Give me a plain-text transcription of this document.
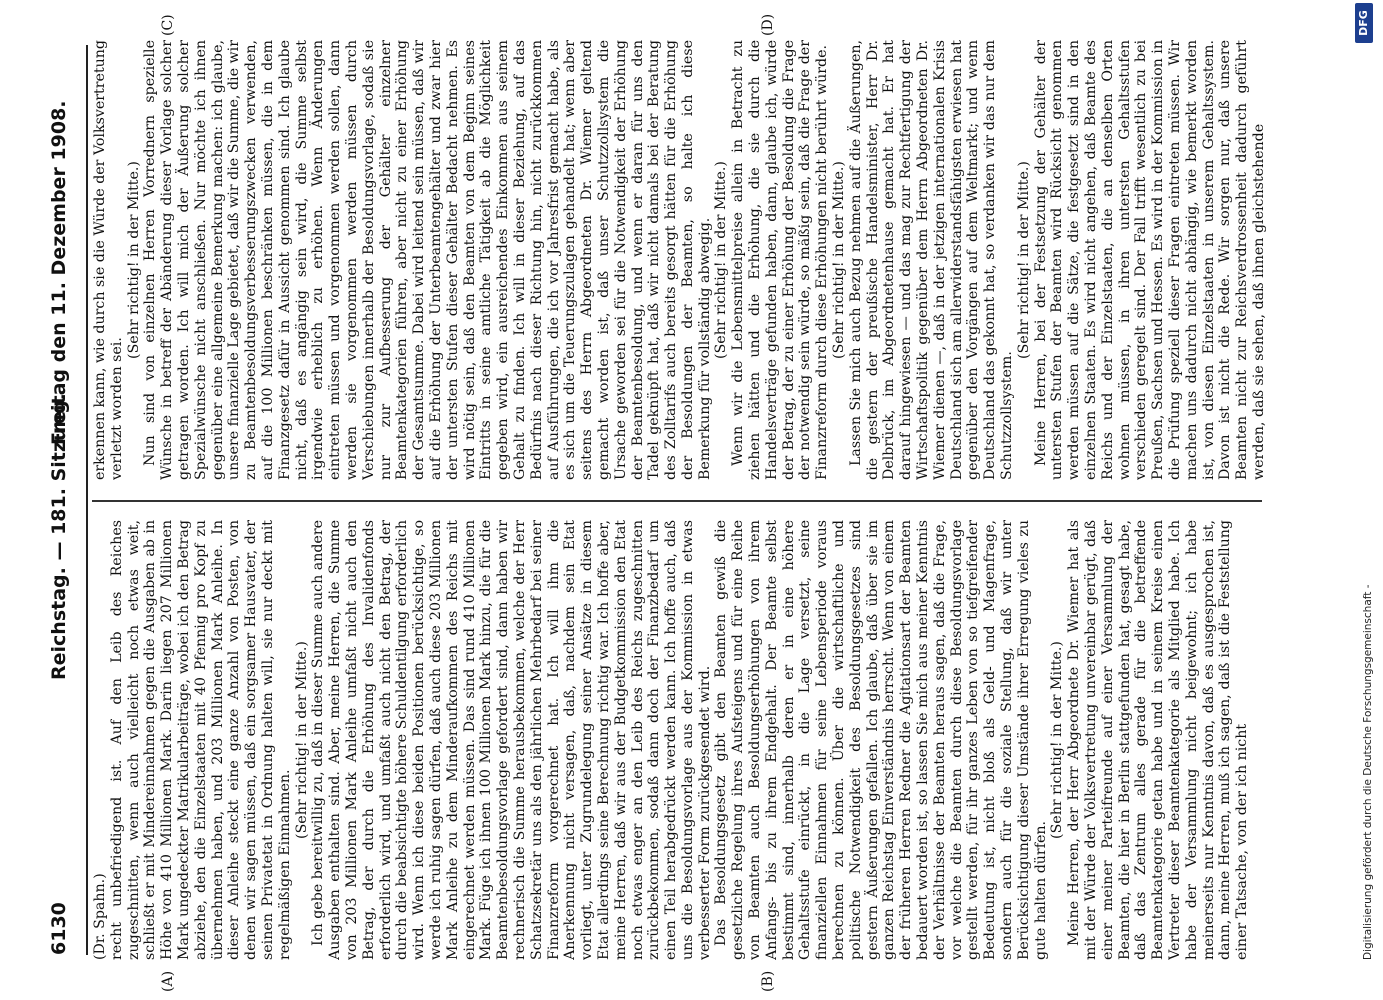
6130
Reichstag. — 181. Sitzung.
Freitag den 11. Dezember 1908.
(A)	(B)
(C)	(D)

(Dr. Spahn.) recht unbefriedigend ist. Auf den Leib des Reiches zugeschnitten, wenn auch vielleicht noch etwas weit, schließt er mit Mindereinnahmen gegen die Ausgaben ab in Höhe von 410 Millionen Mark. Darin liegen 207 Millionen Mark ungedeckter Matrikularbeiträge, wobei ich den Betrag abziehe, den die Einzelstaaten mit 40 Pfennig pro Kopf zu übernehmen haben, und 203 Millionen Mark Anleihe. In dieser Anleihe steckt eine ganze Anzahl von Posten, von denen wir sagen müssen, daß ein sorgsamer Hausvater, der seinen Privatetat in Ordnung halten will, sie nur deckt mit regelmäßigen Einnahmen.

(Sehr richtig! in der Mitte.) Ich gebe bereitwillig zu, daß in dieser Summe auch andere Ausgaben enthalten sind. Aber, meine Herren, die Summe von 203 Millionen Mark Anleihe umfaßt nicht auch den Betrag, der durch die Erhöhung des Invalidenfonds erforderlich wird, und umfaßt auch nicht den Betrag, der durch die beabsichtigte höhere Schuldentilgung erforderlich wird. Wenn ich diese beiden Positionen berücksichtige, so werde ich ruhig sagen dürfen, daß auch diese 203 Millionen Mark Anleihe zu dem Minderaufkommen des Reichs mit eingerechnet werden müssen. Das sind rund 410 Millionen Mark. Füge ich ihnen 100 Millionen Mark hinzu, die für die Beamtenbesoldungsvorlage gefordert sind, dann haben wir rechnerisch die Summe herausbekommen, welche der Herr Schatzsekretär uns als den jährlichen Mehrbedarf bei seiner Finanzreform vorgerechnet hat. Ich will ihm die Anerkennung nicht versagen, daß, nachdem sein Etat vorliegt, unter Zugrundelegung seiner Ansätze in diesem Etat allerdings seine Berechnung richtig war. Ich hoffe aber, meine Herren, daß wir aus der Budgetkommission den Etat noch etwas enger an den Leib des Reichs zugeschnitten zurückbekommen, sodaß dann doch der Finanzbedarf um einen Teil herabgedrückt werden kann. Ich hoffe auch, daß uns die Besoldungsvorlage aus der Kommission in etwas verbesserter Form zurückgesendet wird. Das Besoldungsgesetz gibt den Beamten gewiß die gesetzliche Regelung ihres Aufsteigens und für eine Reihe von Beamten auch Besoldungserhöhungen von ihrem Anfangs- bis zu ihrem Endgehalt. Der Beamte selbst bestimmt sind, innerhalb deren er in eine höhere Gehaltsstufe einrückt, in die Lage versetzt, seine finanziellen Einnahmen für seine Lebensperiode voraus berechnen zu können. Über die wirtschaftliche und politische Notwendigkeit des Besoldungsgesetzes sind gestern Äußerungen gefallen. Ich glaube, daß über sie im ganzen Reichstag Einverständnis herrscht. Wenn von einem der früheren Herren Redner die Agitationsart der Beamten bedauert worden ist, so lassen Sie mich aus meiner Kenntnis der Verhältnisse der Beamten heraus sagen, daß die Frage, vor welche die Beamten durch diese Besoldungsvorlage gestellt werden, für ihr ganzes Leben von so tiefgreifender Bedeutung ist, nicht bloß als Geld- und Magenfrage, sondern auch für die soziale Stellung, daß wir unter Berücksichtigung dieser Umstände ihrer Erregung vieles zu gute halten dürfen.

(Sehr richtig! in der Mitte.) Meine Herren, der Herr Abgeordnete Dr. Wiemer hat als mit der Würde der Volksvertretung unvereinbar gerügt, daß einer meiner Parteifreunde auf einer Versammlung der Beamten, die hier in Berlin stattgefunden hat, gesagt habe, daß das Zentrum alles gerade für die betreffende Beamtenkategorie getan habe und in seinem Kreise einen Vertreter dieser Beamtenkategorie als Mitglied habe. Ich habe der Versammlung nicht beigewohnt; ich habe meinerseits nur Kenntnis davon, daß es ausgesprochen ist, dann, meine Herren, muß ich sagen, daß ist die Feststellung einer Tatsache, von der ich nicht

erkennen kann, wie durch sie die Würde der Volksvertretung verletzt worden sei.

(Sehr richtig! in der Mitte.) Nun sind von einzelnen Herren Vorrednern spezielle Wünsche in betreff der Abänderung dieser Vorlage solcher getragen worden. Ich will mich der Äußerung solcher Spezialwünsche nicht anschließen. Nur möchte ich ihnen gegenüber eine allgemeine Bemerkung machen: ich glaube, unsere finanzielle Lage gebietet, daß wir die Summe, die wir zu Beamtenbesoldungsverbesserungszwecken verwenden, auf die 100 Millionen beschränken müssen, die in dem Finanzgesetz dafür in Aussicht genommen sind. Ich glaube nicht, daß es angängig sein wird, die Summe selbst irgendwie erheblich zu erhöhen. Wenn Änderungen eintreten müssen und vorgenommen werden sollen, dann werden sie vorgenommen werden müssen durch Verschiebungen innerhalb der Besoldungsvorlage, sodaß sie nur zur Aufbesserung der Gehälter einzelner Beamtenkategorien führen, aber nicht zu einer Erhöhung der Gesamtsumme. Dabei wird leitend sein müssen, daß wir auf die Erhöhung der Unterbeamtengehälter und zwar hier der untersten Stufen dieser Gehälter Bedacht nehmen. Es wird nötig sein, daß den Beamten von dem Beginn seines Eintritts in seine amtliche Tätigkeit ab die Möglichkeit gegeben wird, ein ausreichendes Einkommen aus seinem Gehalt zu finden. Ich will in dieser Beziehung, auf das Bedürfnis nach dieser Richtung hin, nicht zurückkommen auf Ausführungen, die ich vor Jahresfrist gemacht habe, als es sich um die Teuerungszulagen gehandelt hat; wenn aber seitens des Herrn Abgeordneten Dr. Wiemer geltend gemacht worden ist, daß unser Schutzzollsystem die Ursache geworden sei für die Notwendigkeit der Erhöhung der Beamtenbesoldung, und wenn er daran für uns den Tadel geknüpft hat, daß wir nicht damals bei der Beratung des Zolltarifs auch bereits gesorgt hätten für die Erhöhung der Besoldungen der Beamten, so halte ich diese Bemerkung für vollständig abwegig. (Sehr richtig! in der Mitte.) Wenn wir die Lebensmittelpreise allein in Betracht zu ziehen hätten und die Erhöhung, die sie durch die Handelsverträge gefunden haben, dann, glaube ich, würde der Betrag, der zu einer Erhöhung der Besoldung die Frage der notwendig sein würde, so mäßig sein, daß die Frage der Finanzreform durch diese Erhöhungen nicht berührt würde. (Sehr richtig! in der Mitte.) Lassen Sie mich auch Bezug nehmen auf die Äußerungen, die gestern der preußische Handelsminister, Herr Dr. Delbrück, im Abgeordnetenhause gemacht hat. Er hat darauf hingewiesen — und das mag zur Rechtfertigung der Wirtschaftspolitik gegenüber dem Herrn Abgeordneten Dr. Wiemer dienen —, daß in der jetzigen internationalen Krisis Deutschland sich am allerwiderstandsfähigsten erwiesen hat gegenüber den Vorgängen auf dem Weltmarkt; und wenn Deutschland das gekonnt hat, so verdanken wir das nur dem Schutzzollsystem.

(Sehr richtig! in der Mitte.) Meine Herren, bei der Festsetzung der Gehälter der untersten Stufen der Beamten wird Rücksicht genommen werden müssen auf die Sätze, die festgesetzt sind in den einzelnen Staaten. Es wird nicht angehen, daß Beamte des Reichs und der Einzelstaaten, die an denselben Orten wohnen müssen, in ihren untersten Gehaltsstufen verschieden geregelt sind. Der Fall trifft wesentlich zu bei Preußen, Sachsen und Hessen. Es wird in der Kommission in die Prüfung speziell dieser Fragen eintreten müssen. Wir machen uns dadurch nicht abhängig, wie bemerkt worden ist, von diesen Einzelstaaten in unserem Gehaltssystem. Davon ist nicht die Rede. Wir sorgen nur, daß unsere Beamten nicht zur Reichsverdrossenheit dadurch geführt werden, daß sie sehen, daß ihnen gleichstehende

Digitalisierung gefördert durch die Deutsche Forschungsgemeinschaft -
DFG
